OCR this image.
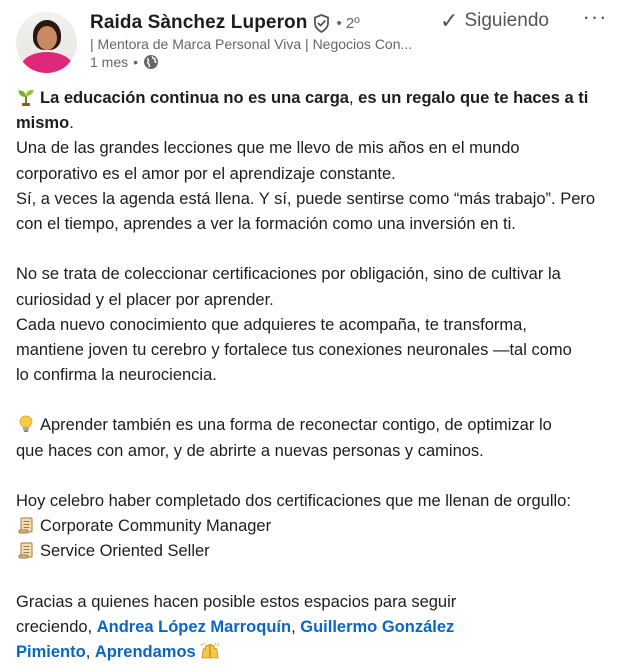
Raida Sànchez Luperon • 2º
| Mentora de Marca Personal Viva | Negocios Con...
1 mes •
✓ Siguiendo ···
La educación continua no es una carga, es un regalo que te haces a ti
mismo.
Una de las grandes lecciones que me llevo de mis años en el mundo
corporativo es el amor por el aprendizaje constante.
Sí, a veces la agenda está llena. Y sí, puede sentirse como “más trabajo”. Pero
con el tiempo, aprendes a ver la formación como una inversión en ti.
No se trata de coleccionar certificaciones por obligación, sino de cultivar la
curiosidad y el placer por aprender.
Cada nuevo conocimiento que adquieres te acompaña, te transforma,
mantiene joven tu cerebro y fortalece tus conexiones neuronales —tal como
lo confirma la neurociencia.
Aprender también es una forma de reconectar contigo, de optimizar lo
que haces con amor, y de abrirte a nuevas personas y caminos.
Hoy celebro haber completado dos certificaciones que me llenan de orgullo:
Corporate Community Manager
Service Oriented Seller
Gracias a quienes hacen posible estos espacios para seguir
creciendo, Andrea López Marroquín, Guillermo González
Pimiento, Aprendamos
